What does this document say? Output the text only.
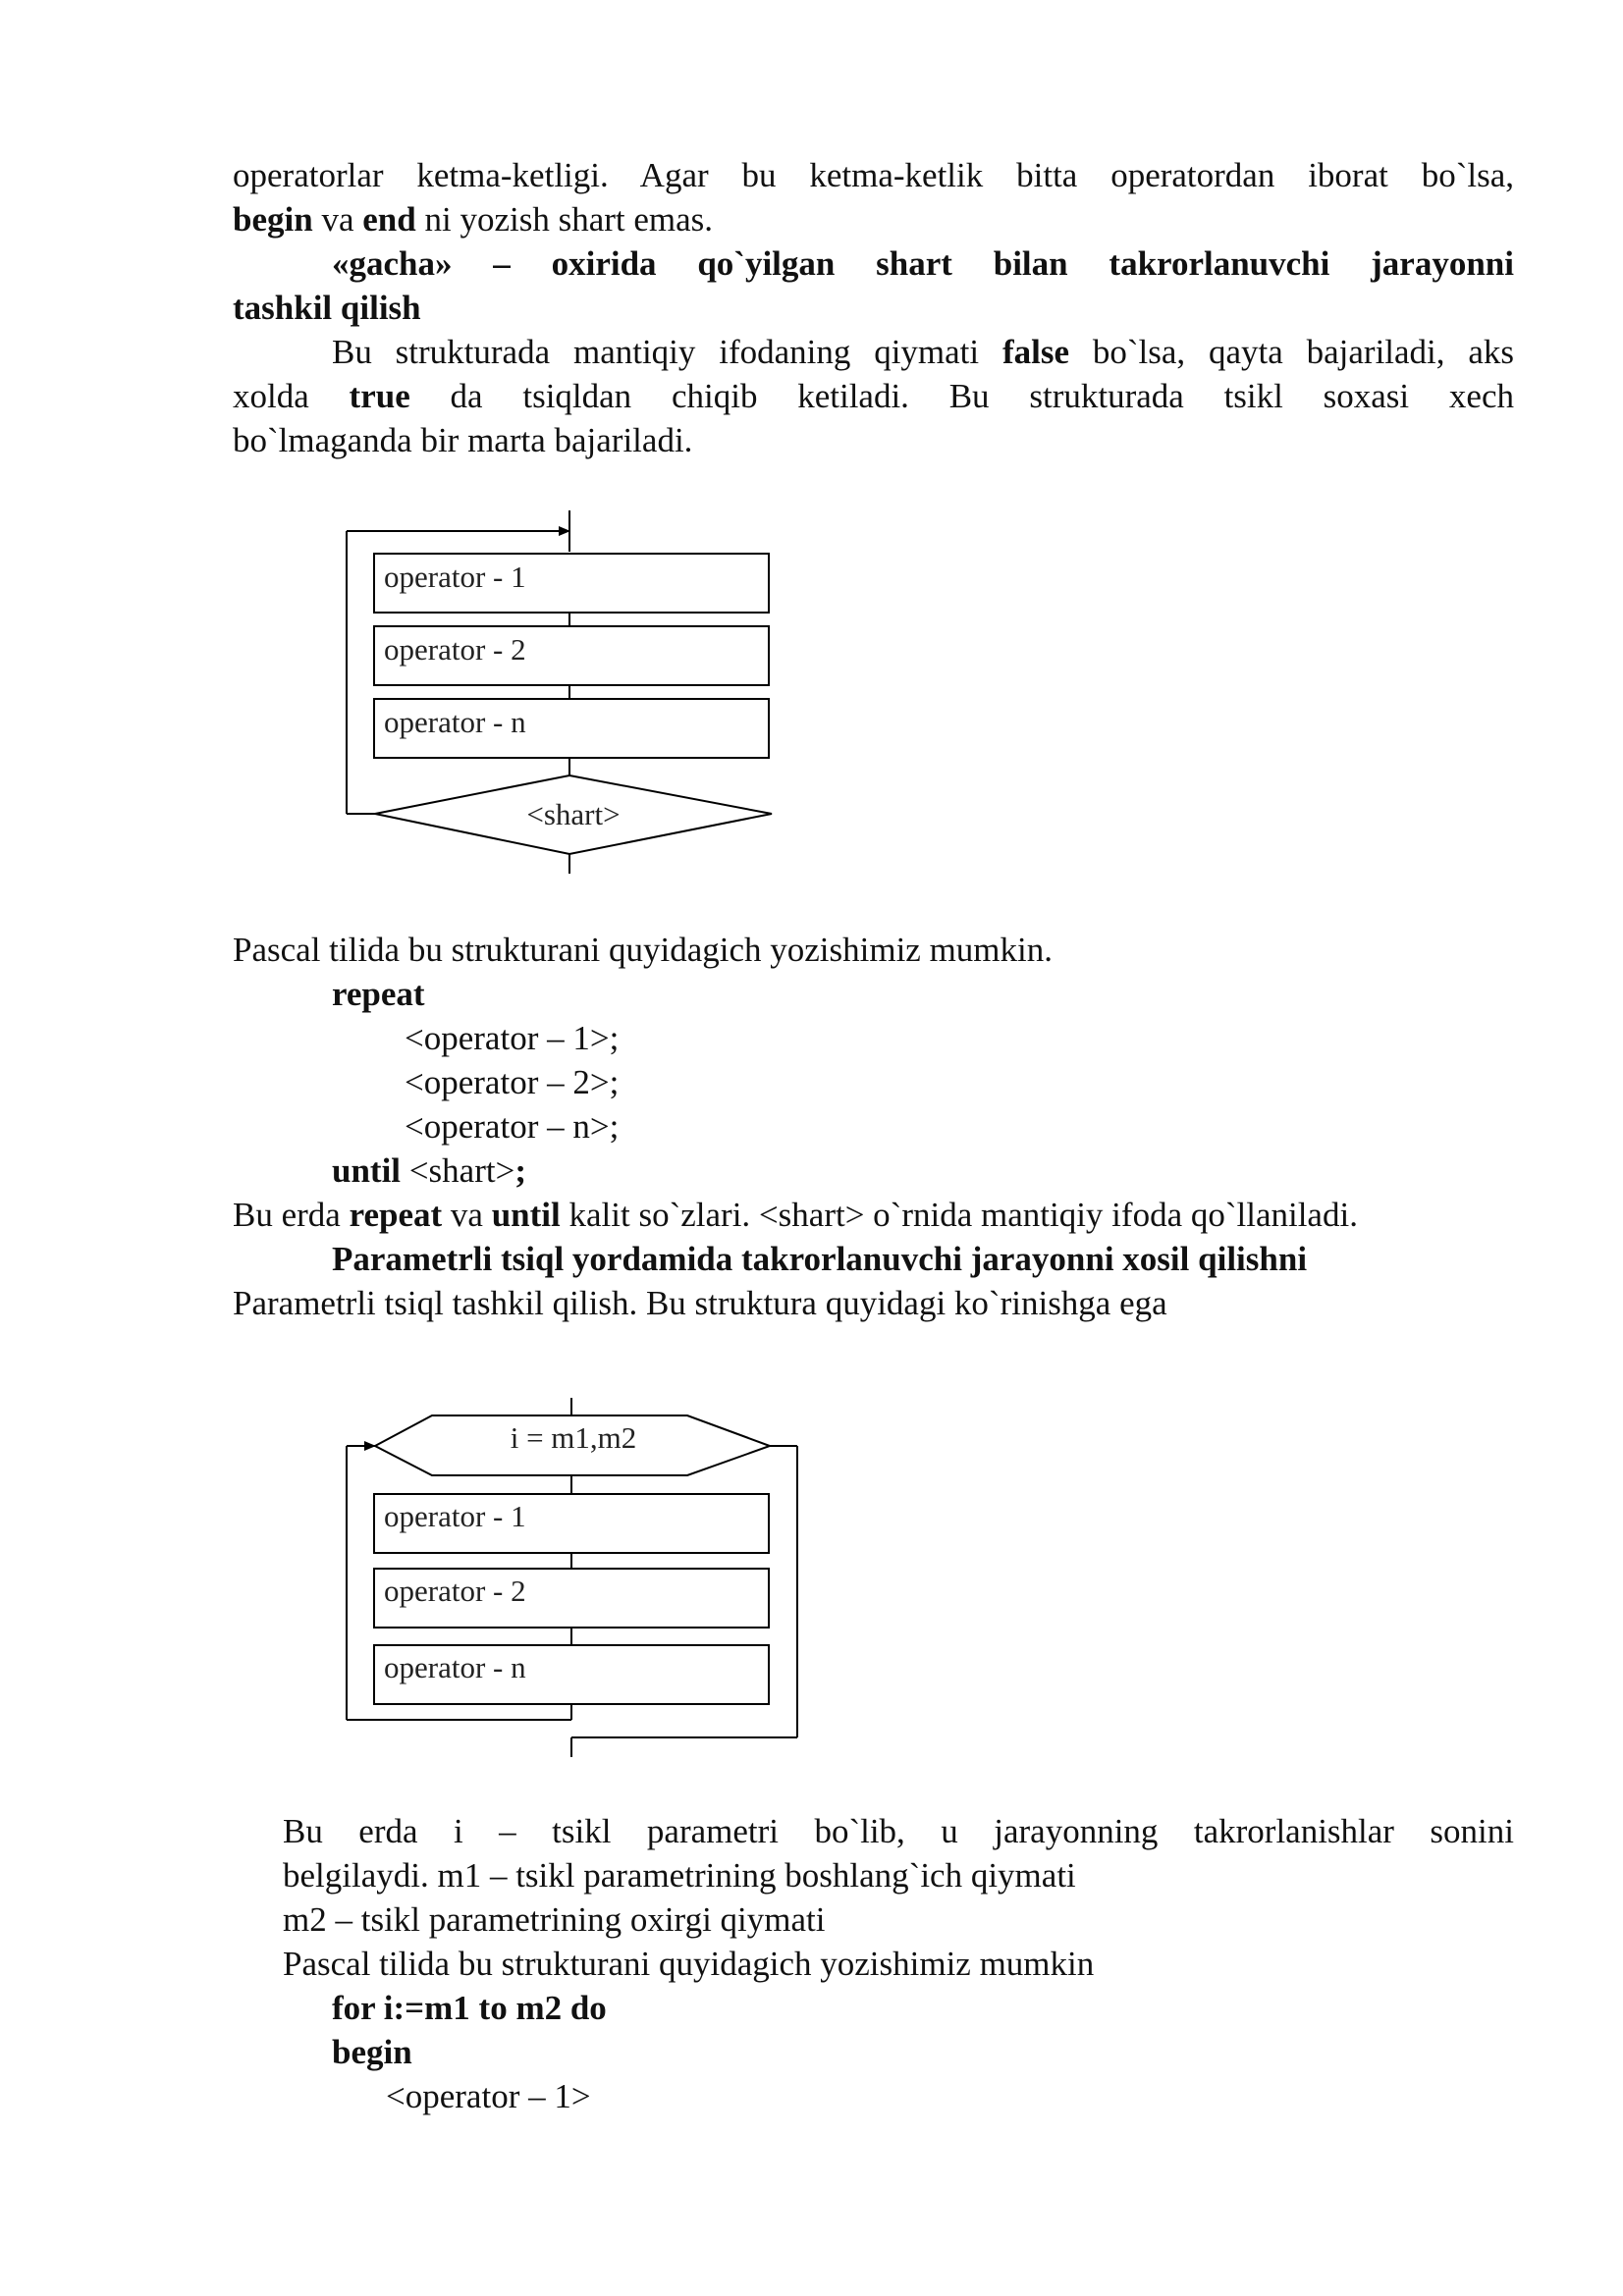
operatorlar ketma-ketligi. Agar bu ketma-ketlik bitta operatordan iborat bo`lsa,
begin va end ni yozish shart emas.
«gacha» – oxirida qo`yilgan shart bilan takrorlanuvchi jarayonni
tashkil qilish
Bu strukturada mantiqiy ifodaning qiymati false bo`lsa, qayta bajariladi, aks
xolda true da tsiqldan chiqib ketiladi. Bu strukturada tsikl soxasi xech
bo`lmaganda bir marta bajariladi.
operator - 1
operator - 2
operator - n
<shart>
i = m1,m2
operator - 1
operator - 2
operator - n
Pascal tilida bu strukturani quyidagich yozishimiz mumkin.
repeat
<operator – 1>;
<operator – 2>;
<operator – n>;
until <shart>;
Bu erda repeat va until kalit so`zlari. <shart> o`rnida mantiqiy ifoda qo`llaniladi.
Parametrli tsiql yordamida takrorlanuvchi jarayonni xosil qilishni
Parametrli tsiql tashkil qilish. Bu struktura quyidagi ko`rinishga ega
Bu erda i – tsikl parametri bo`lib, u jarayonning takrorlanishlar sonini
belgilaydi. m1 – tsikl parametrining boshlang`ich qiymati
m2 – tsikl parametrining oxirgi qiymati
Pascal tilida bu strukturani quyidagich yozishimiz mumkin
for i:=m1 to m2 do
begin
<operator – 1>
